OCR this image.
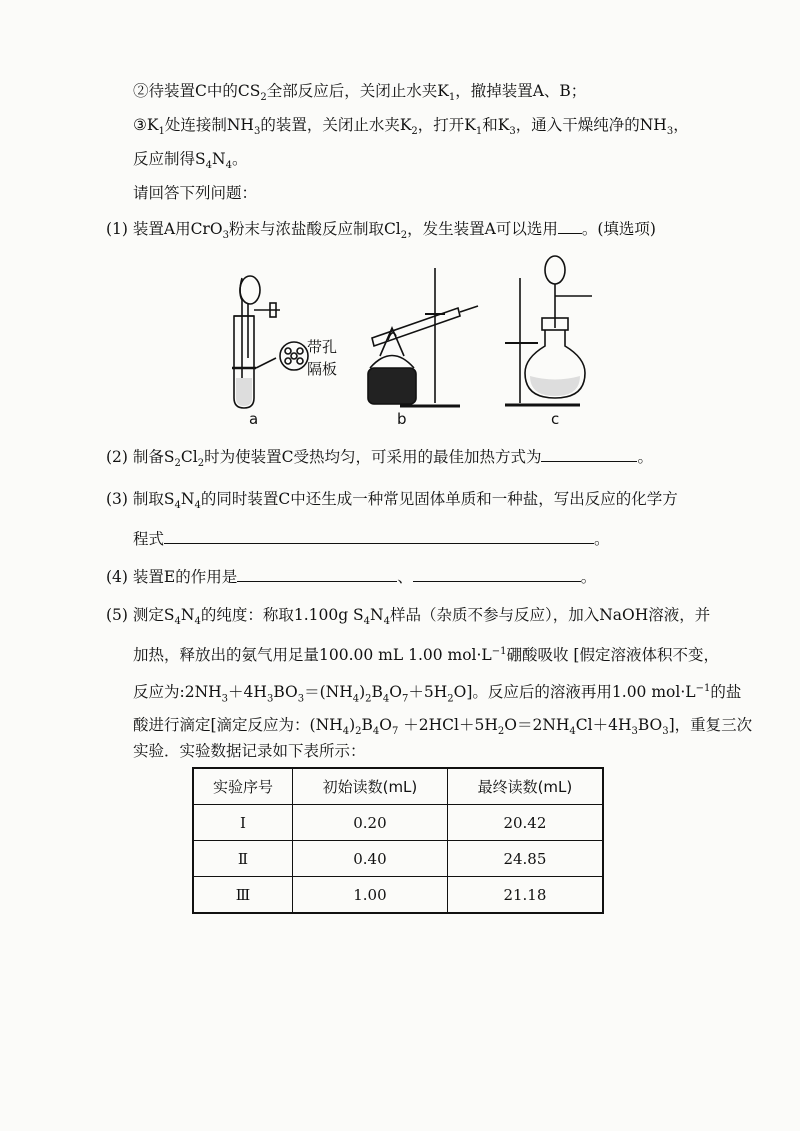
②待装置C中的$CS_2$全部反应后，关闭止水夹$K_1$，撤掉装置A、B；
$③K_1$处连接制$NH_3$的装置，关闭止水夹$K_2$，打开$K_1$和$K_3$，通入干燥纯净的$NH_3$，
反应制得$S_4N_4$。
请回答下列问题：
(1) 装置A用CrO$_3$粉末与浓盐酸反应制取$Cl_2$，发生装置A可以选用 。(填选项)
带孔
隔板
a	b	c
(2) 制备$S_2Cl_2$时为使装置C受热均匀，可采用的最佳加热方式为	。
(3) 制取$S_4N_4$的同时装置C中还生成一种常见固体单质和一种盐，写出反应的化学方
程式	。
(4) 装置E的作用是	、	。
(5) 测定$S_4N_4$的纯度：称取1.100g $S_4N_4$样品（杂质不参与反应），加入NaOH溶液，并
加热，释放出的氨气用足量100.00 mL 1.00 $mol\cdot L^{-1}$硼酸吸收 [假定溶液体积不变，
反应为$:2NH_3+4H_3BO_3=(NH_4)_2B_4O_7+5H_2O$]。反应后的溶液再用1.00 $mol\cdot L^{-1}$的盐
酸进行滴定[滴定反应为：$(NH_4)_2B_4O_7 +2HCl+5H_2O=2NH_4Cl+4H_3BO_3$]，重复三次
实验．实验数据记录如下表所示：
实验序号	初始读数(mL)	最终读数(mL)
Ⅰ	0.20	20.42
Ⅱ	0.40	24.85
Ⅲ	1.00	21.18
